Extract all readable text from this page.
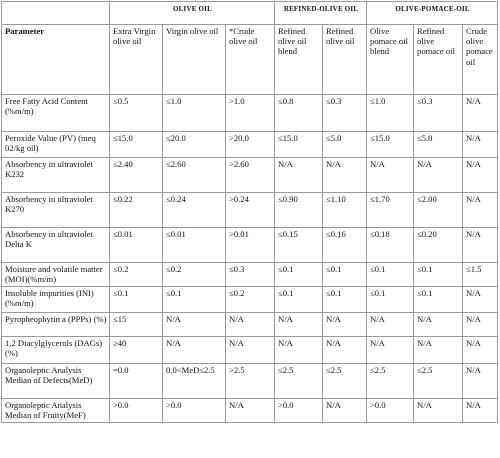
	OLIVE OIL			REFINED-OLIVE OIL		OLIVE-POMACE-OIL		
Parameter	Extra Virgin olive oil	Virgin olive oil	*Crude olive oil	Refined olive oil blend	Refined olive oil	Olive pomace oil blend	Refined olive pomace oil	Crude olive pomace oil
Free Fatty Acid Content (%m/m)	≤0.5	≤1.0	>1.0	≤0.8	≤0.3	≤1.0	≤0.3	N/A
Peroxide Value (PV) (meq 02/kg oil)	≤15.0	≤20.0	>20.0	≤15.0	≤5.0	≤15.0	≤5.0	N/A
Absorbency in ultraviolet K232	≤2.40	≤2.60	>2.60	N/A	N/A	N/A	N/A	N/A
Absorbency in ultraviolet K270	≤0.22	≤0.24	>0.24	≤0.90	≤1.10	≤1.70	≤2.00	N/A
Absorbency in ultraviolet Delta K	≤0.01	≤0.01	>0.01	≤0.15	≤0.16	≤0.18	≤0.20	N/A
Moisture and volatile matter (MOI)(%m/m)	≤0.2	≤0.2	≤0.3	≤0.1	≤0.1	≤0.1	≤0.1	≤1.5
Insoluble impurities (INI) (%m/m)	≤0.1	≤0.1	≤0.2	≤0.1	≤0.1	≤0.1	≤0.1	N/A
Pyropheophytin a (PPPs) (%)	≤15	N/A	N/A	N/A	N/A	N/A	N/A	N/A
1,2 Diacylglycerols (DAGs) (%)	≥40	N/A	N/A	N/A	N/A	N/A	N/A	N/A
Organoleptic Analysis Median of Defects(MeD)	=0.0	0.0<MeD≤2.5	>2.5	≤2.5	≤2.5	≤2.5	≤2.5	N/A
Organoleptic Analysis Median of Fruity(MeF)	>0.0	>0.0	N/A	>0.0	N/A	>0.0	N/A	N/A
